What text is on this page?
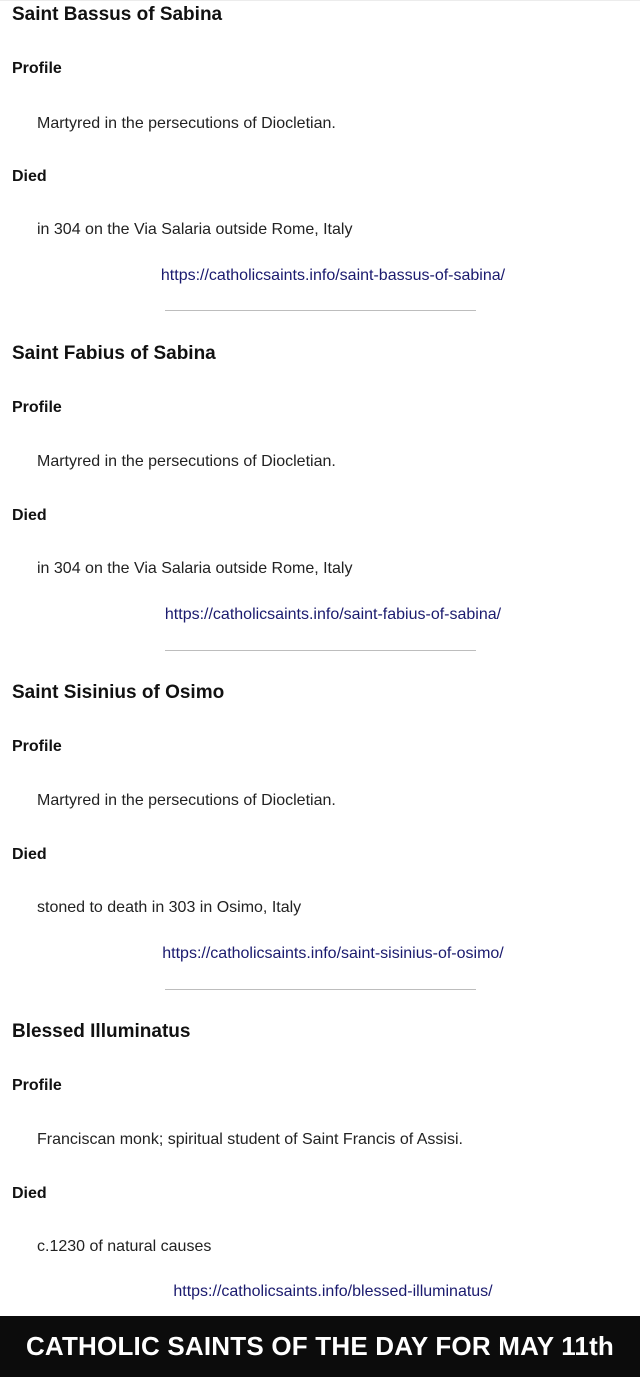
Saint Bassus of Sabina
Profile
Martyred in the persecutions of Diocletian.
Died
in 304 on the Via Salaria outside Rome, Italy
https://catholicsaints.info/saint-bassus-of-sabina/
Saint Fabius of Sabina
Profile
Martyred in the persecutions of Diocletian.
Died
in 304 on the Via Salaria outside Rome, Italy
https://catholicsaints.info/saint-fabius-of-sabina/
Saint Sisinius of Osimo
Profile
Martyred in the persecutions of Diocletian.
Died
stoned to death in 303 in Osimo, Italy
https://catholicsaints.info/saint-sisinius-of-osimo/
Blessed Illuminatus
Profile
Franciscan monk; spiritual student of Saint Francis of Assisi.
Died
c.1230 of natural causes
https://catholicsaints.info/blessed-illuminatus/
CATHOLIC SAINTS OF THE DAY FOR MAY 11th
